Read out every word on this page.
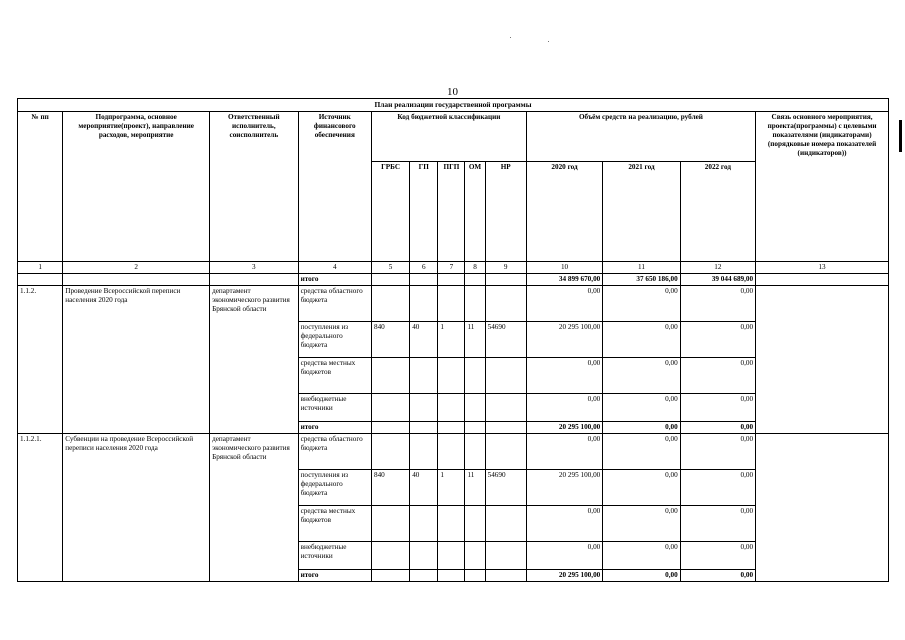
10
План реализации государственной программы												
№ пп	Подпрограмма, основное мероприятие(проект), направление расходов, мероприятие	Ответственный исполнитель, соисполнитель	Источник финансового обеспечения	Код бюджетной классификации					Объём средств на реализацию, рублей			Связь основного мероприятия, проекта(программы) с целевыми показателями (индикаторами) (порядковые номера показателей (индикаторов))
				ГРБС	ГП	ПГП	ОМ	НР	2020 год	2021 год	2022 год	
1	2	3	4	5	6	7	8	9	10	11	12	13
			итого						34 899 670,00	37 650 186,00	39 044 689,00	
1.1.2.	Проведение Всероссийской переписи населения 2020 года	департамент экономического развития Брянской области	средства областного бюджета						0,00	0,00	0,00	
			поступления из федерального бюджета	840	40	1	11	54690	20 295 100,00	0,00	0,00	
			средства местных бюджетов						0,00	0,00	0,00	
			внебюджетные источники						0,00	0,00	0,00	
			итого						20 295 100,00	0,00	0,00	
1.1.2.1.	Субвенции на проведение Всероссийской переписи населения 2020 года	департамент экономического развития Брянской области	средства областного бюджета						0,00	0,00	0,00	
			поступления из федерального бюджета	840	40	1	11	54690	20 295 100,00	0,00	0,00	
			средства местных бюджетов						0,00	0,00	0,00	
			внебюджетные источники						0,00	0,00	0,00	
			итого						20 295 100,00	0,00	0,00	
